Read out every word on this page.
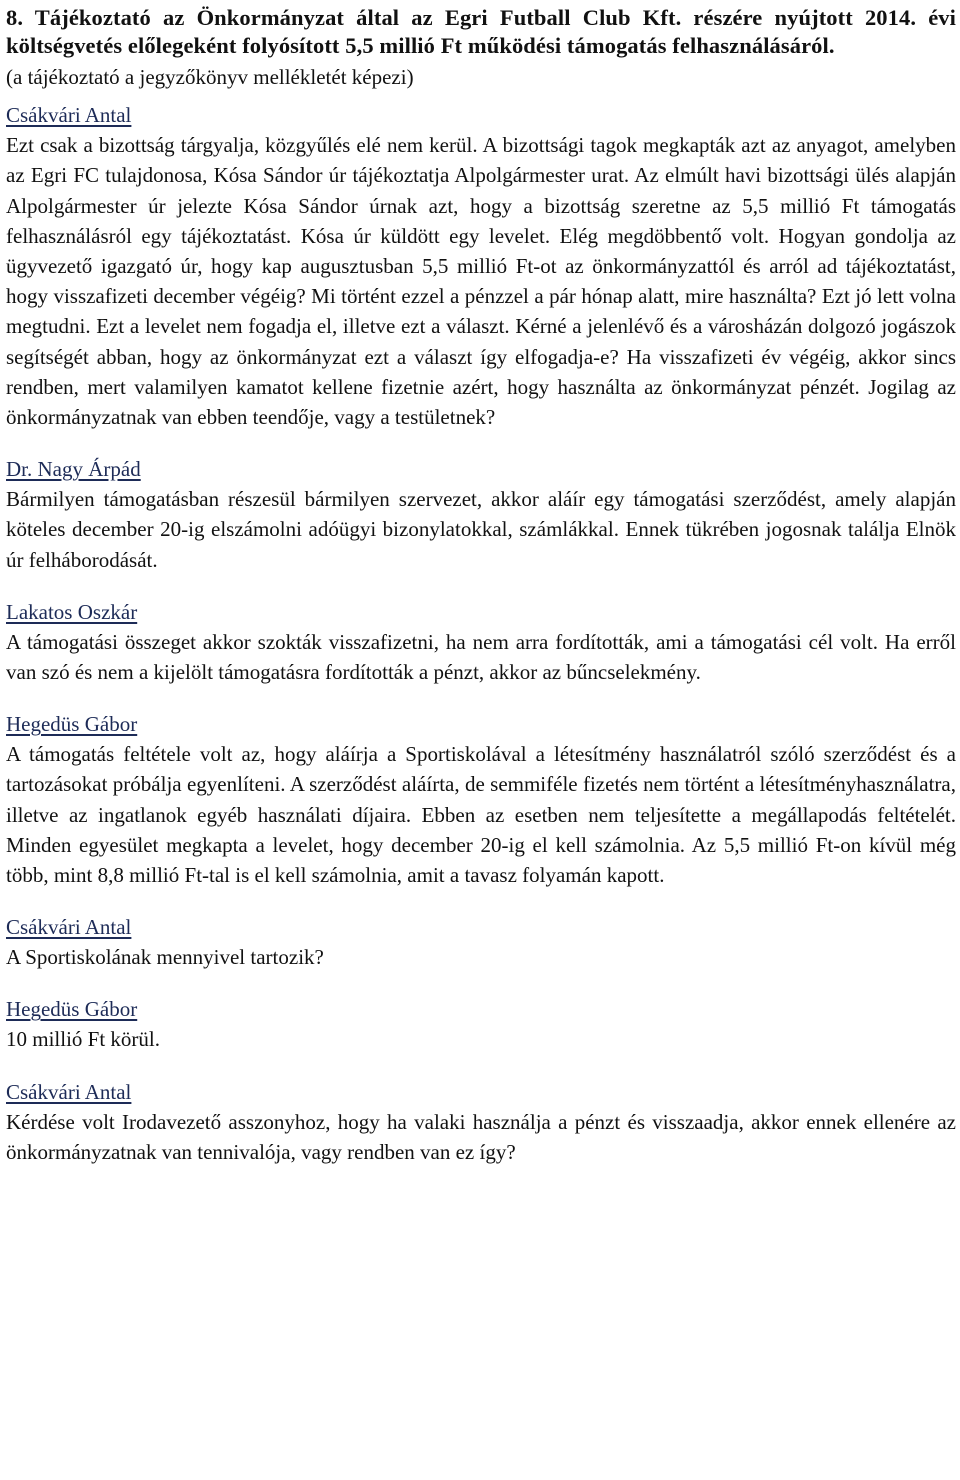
8. Tájékoztató az Önkormányzat által az Egri Futball Club Kft. részére nyújtott 2014. évi költségvetés előlegeként folyósított 5,5 millió Ft működési támogatás felhasználásáról.

(a tájékoztató a jegyzőkönyv mellékletét képezi)

Csákvári Antal

Ezt csak a bizottság tárgyalja, közgyűlés elé nem kerül. A bizottsági tagok megkapták azt az anyagot, amelyben az Egri FC tulajdonosa, Kósa Sándor úr tájékoztatja Alpolgármester urat. Az elmúlt havi bizottsági ülés alapján Alpolgármester úr jelezte Kósa Sándor úrnak azt, hogy a bizottság szeretne az 5,5 millió Ft támogatás felhasználásról egy tájékoztatást. Kósa úr küldött egy levelet. Elég megdöbbentő volt. Hogyan gondolja az ügyvezető igazgató úr, hogy kap augusztusban 5,5 millió Ft-ot az önkormányzattól és arról ad tájékoztatást, hogy visszafizeti december végéig? Mi történt ezzel a pénzzel a pár hónap alatt, mire használta? Ezt jó lett volna megtudni. Ezt a levelet nem fogadja el, illetve ezt a választ. Kérné a jelenlévő és a városházán dolgozó jogászok segítségét abban, hogy az önkormányzat ezt a választ így elfogadja-e? Ha visszafizeti év végéig, akkor sincs rendben, mert valamilyen kamatot kellene fizetnie azért, hogy használta az önkormányzat pénzét. Jogilag az önkormányzatnak van ebben teendője, vagy a testületnek?

Dr. Nagy Árpád

Bármilyen támogatásban részesül bármilyen szervezet, akkor aláír egy támogatási szerződést, amely alapján köteles december 20-ig elszámolni adóügyi bizonylatokkal, számlákkal. Ennek tükrében jogosnak találja Elnök úr felháborodását.

Lakatos Oszkár

A támogatási összeget akkor szokták visszafizetni, ha nem arra fordították, ami a támogatási cél volt. Ha erről van szó és nem a kijelölt támogatásra fordították a pénzt, akkor az bűncselekmény.

Hegedüs Gábor

A támogatás feltétele volt az, hogy aláírja a Sportiskolával a létesítmény használatról szóló szerződést és a tartozásokat próbálja egyenlíteni. A szerződést aláírta, de semmiféle fizetés nem történt a létesítményhasználatra, illetve az ingatlanok egyéb használati díjaira. Ebben az esetben nem teljesítette a megállapodás feltételét. Minden egyesület megkapta a levelet, hogy december 20-ig el kell számolnia. Az 5,5 millió Ft-on kívül még több, mint 8,8 millió Ft-tal is el kell számolnia, amit a tavasz folyamán kapott.

Csákvári Antal

A Sportiskolának mennyivel tartozik?

Hegedüs Gábor

10 millió Ft körül.

Csákvári Antal

Kérdése volt Irodavezető asszonyhoz, hogy ha valaki használja a pénzt és visszaadja, akkor ennek ellenére az önkormányzatnak van tennivalója, vagy rendben van ez így?
